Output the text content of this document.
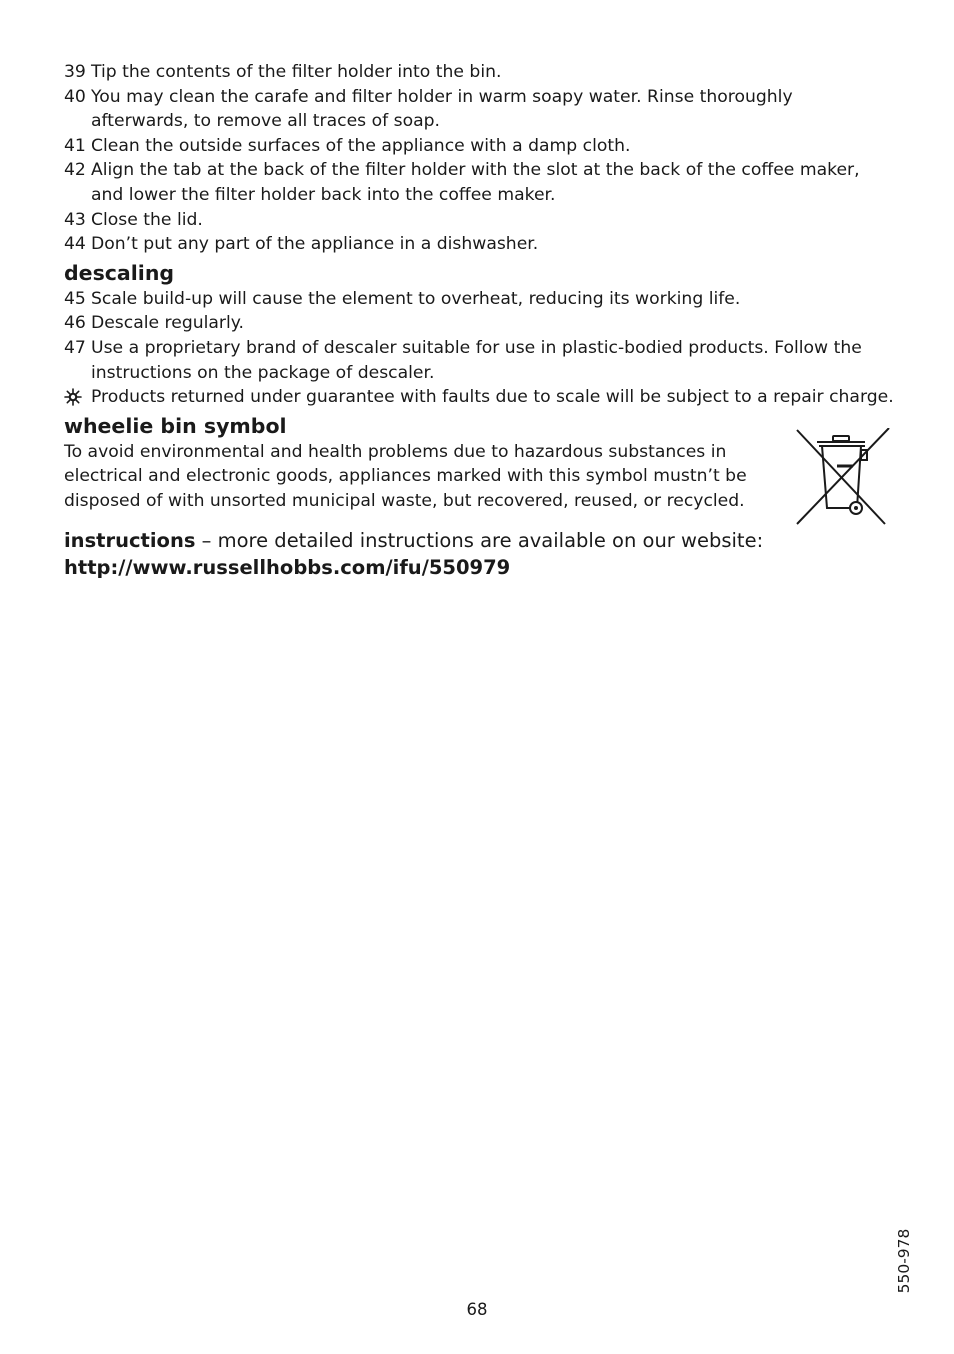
39 Tip the contents of the filter holder into the bin.
40 You may clean the carafe and filter holder in warm soapy water. Rinse thoroughly afterwards, to remove all traces of soap.
41 Clean the outside surfaces of the appliance with a damp cloth.
42 Align the tab at the back of the filter holder with the slot at the back of the coffee maker, and lower the filter holder back into the coffee maker.
43 Close the lid.
44 Don’t put any part of the appliance in a dishwasher.
descaling
45 Scale build-up will cause the element to overheat, reducing its working life.
46 Descale regularly.
47 Use a proprietary brand of descaler suitable for use in plastic-bodied products. Follow the instructions on the package of descaler.
Products returned under guarantee with faults due to scale will be subject to a repair charge.
wheelie bin symbol
To avoid environmental and health problems due to hazardous substances in electrical and electronic goods, appliances marked with this symbol mustn’t be disposed of with unsorted municipal waste, but recovered, reused, or recycled.
instructions – more detailed instructions are available on our website:
http://www.russellhobbs.com/ifu/550979
550-978
68
